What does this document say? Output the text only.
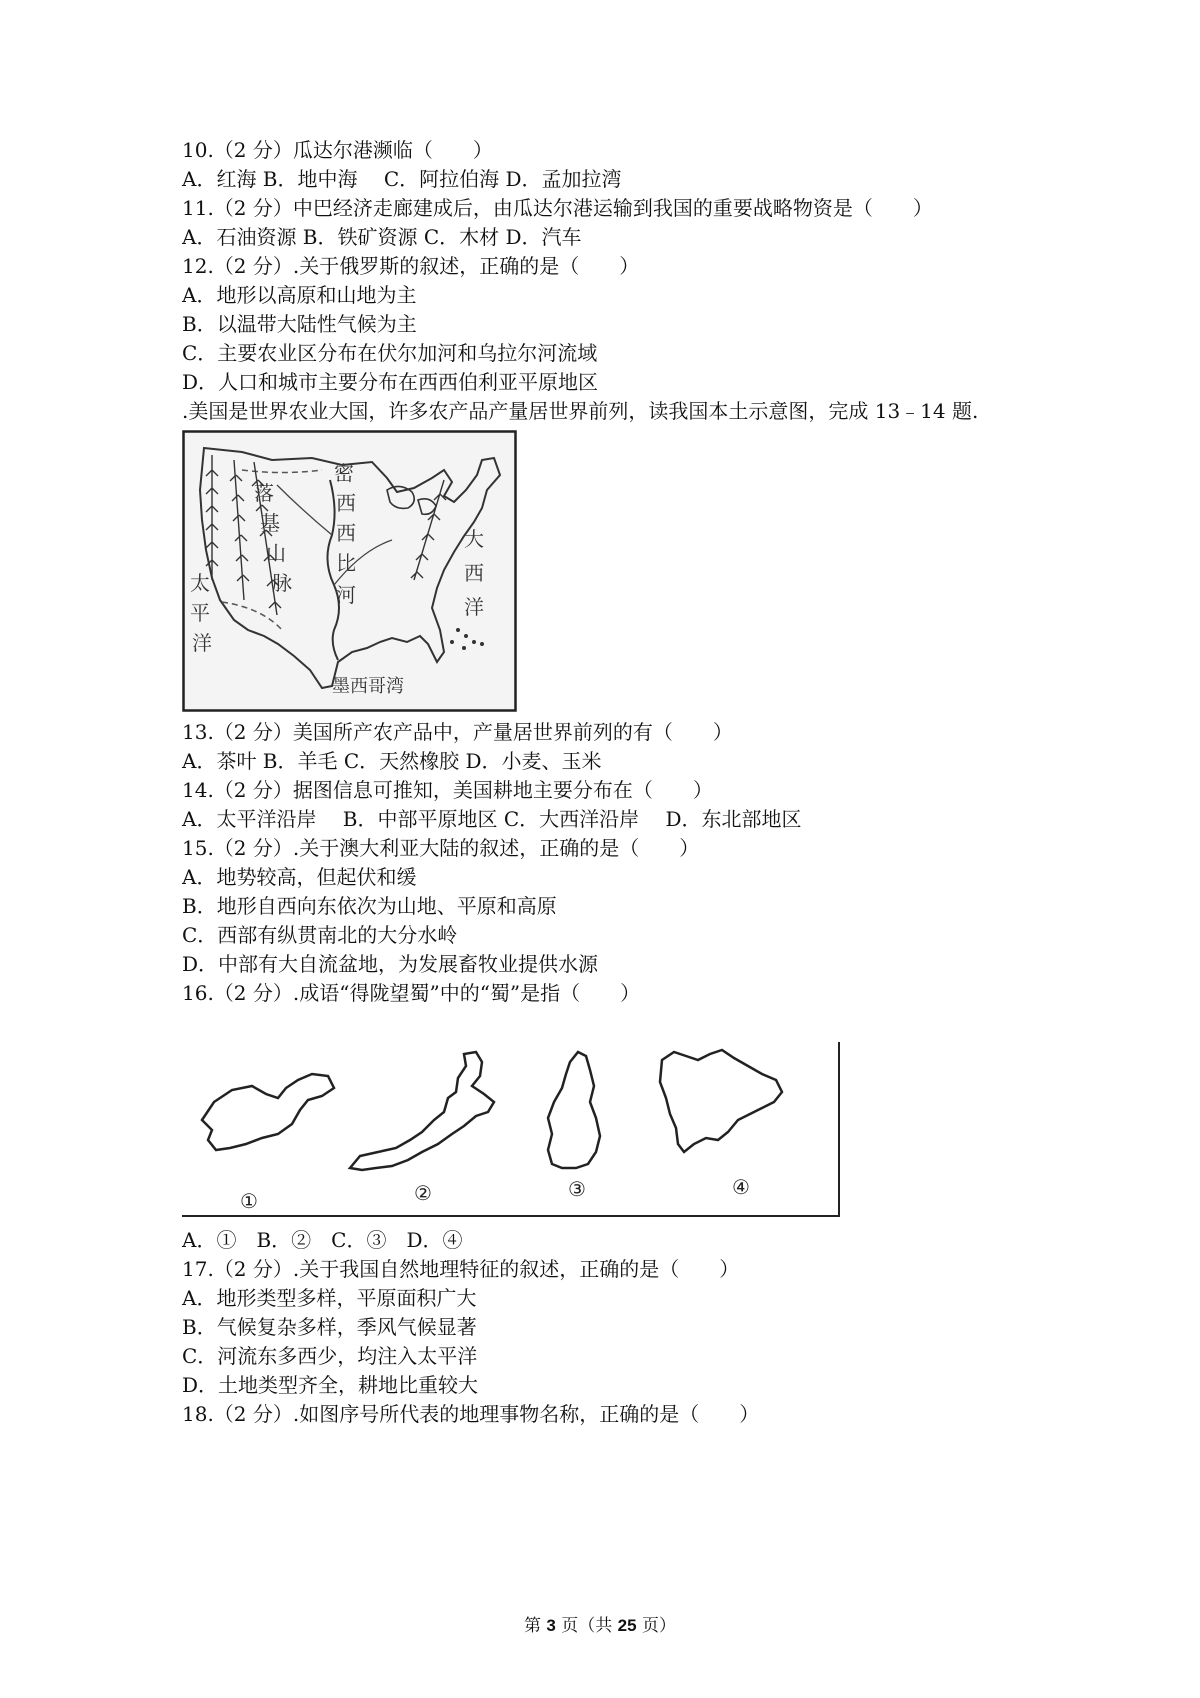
10.（2 分）瓜达尔港濒临（　　）
A．红海 B．地中海　 C．阿拉伯海 D．孟加拉湾
11.（2 分）中巴经济走廊建成后，由瓜达尔港运输到我国的重要战略物资是（　　）
A．石油资源 B．铁矿资源 C．木材 D．汽车
12.（2 分）.关于俄罗斯的叙述，正确的是（　　）
A．地形以高原和山地为主
B．以温带大陆性气候为主
C．主要农业区分布在伏尔加河和乌拉尔河流域
D．人口和城市主要分布在西西伯利亚平原地区
.美国是世界农业大国，许多农产品产量居世界前列，读我国本土示意图，完成 13﹣14 题.
落
基
山
脉
密
西
西
比
河
太
平
洋
大
西
洋
墨西哥湾
13.（2 分）美国所产农产品中，产量居世界前列的有（　　）
A．茶叶 B．羊毛 C．天然橡胶 D．小麦、玉米
14.（2 分）据图信息可推知，美国耕地主要分布在（　　）
A．太平洋沿岸　 B．中部平原地区 C．大西洋沿岸　 D．东北部地区
15.（2 分）.关于澳大利亚大陆的叙述，正确的是（　　）
A．地势较高，但起伏和缓
B．地形自西向东依次为山地、平原和高原
C．西部有纵贯南北的大分水岭
D．中部有大自流盆地，为发展畜牧业提供水源
16.（2 分）.成语“得陇望蜀”中的“蜀”是指（　　）
①	②	③	④
A．①　B．②　C．③　D．④
17.（2 分）.关于我国自然地理特征的叙述，正确的是（　　）
A．地形类型多样，平原面积广大
B．气候复杂多样，季风气候显著
C．河流东多西少，均注入太平洋
D．土地类型齐全，耕地比重较大
18.（2 分）.如图序号所代表的地理事物名称，正确的是（　　）
第 3 页（共 25 页）
